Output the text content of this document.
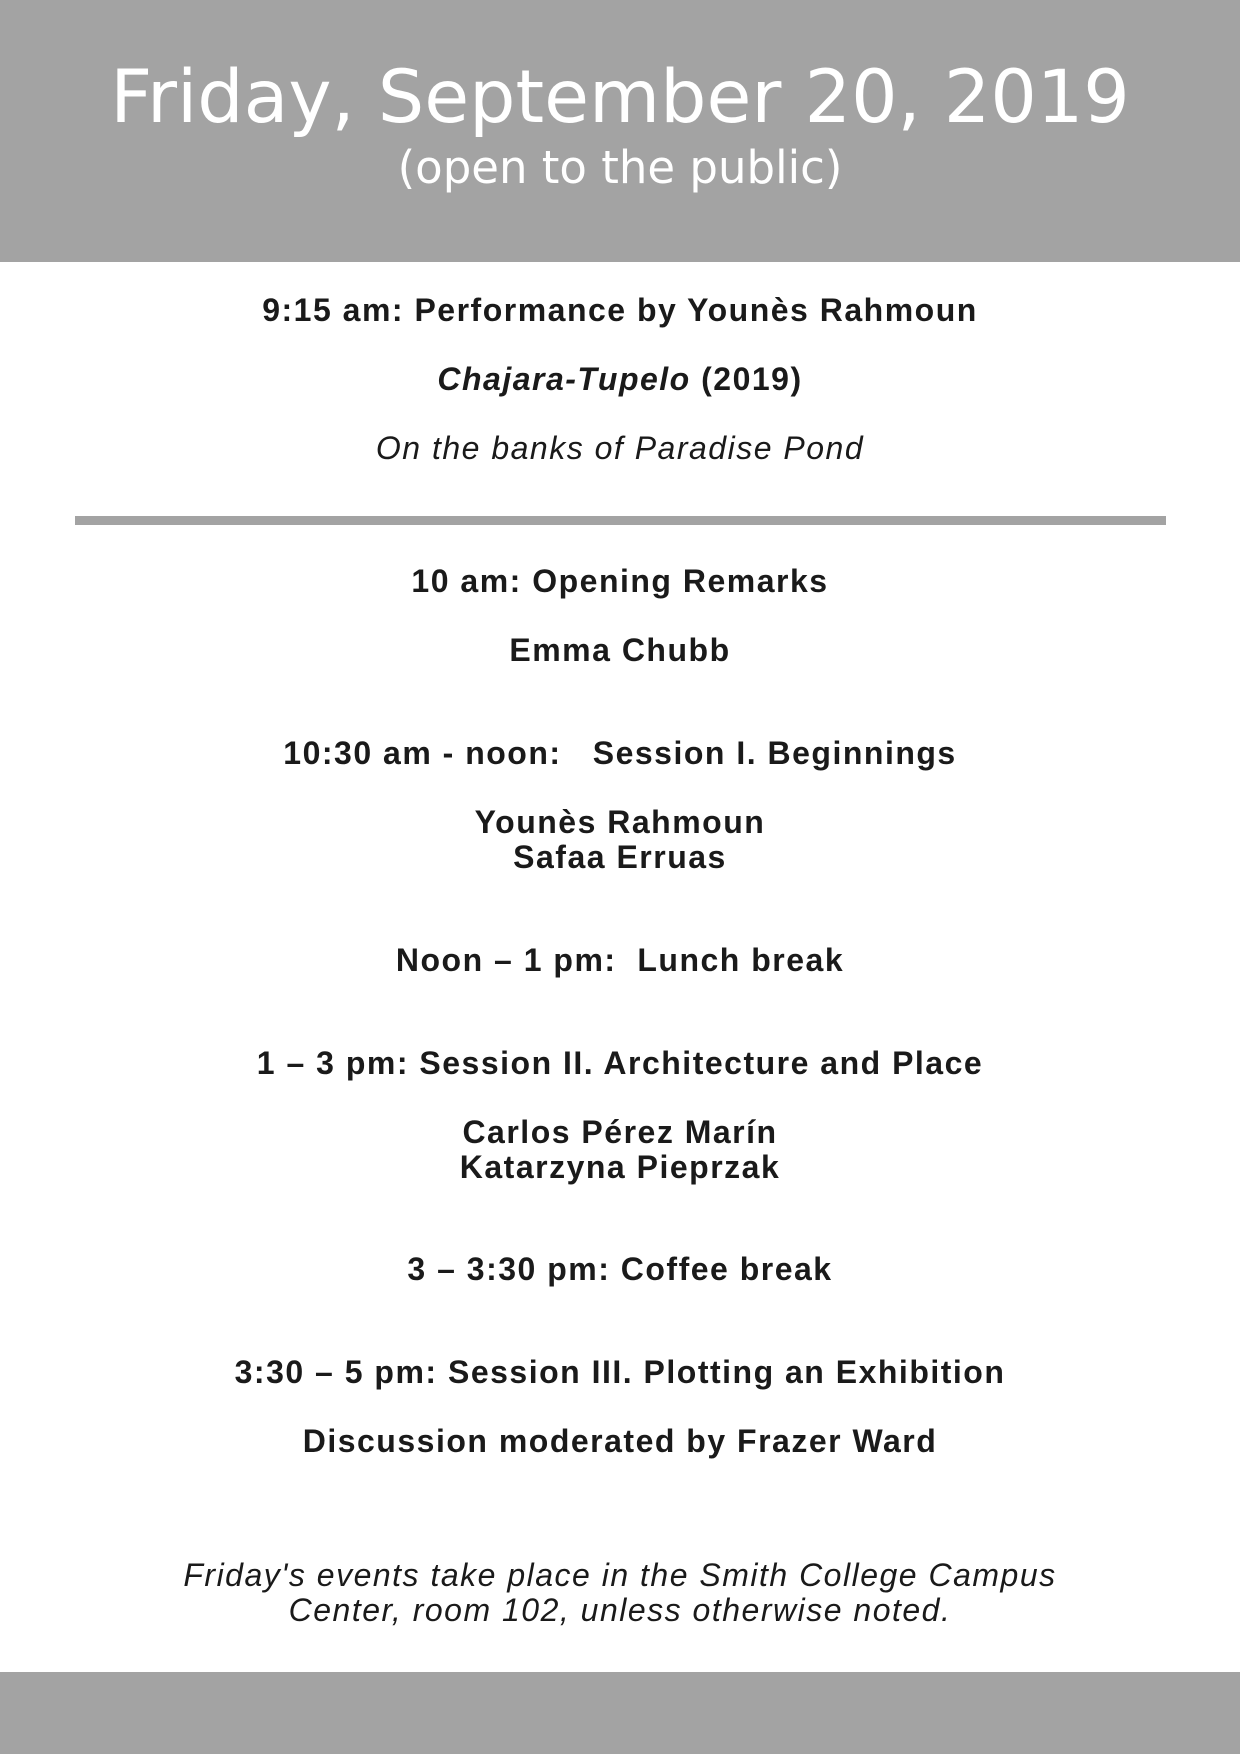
Friday, September 20, 2019
(open to the public)
9:15 am: Performance by Younès Rahmoun
Chajara-Tupelo (2019)
On the banks of Paradise Pond
10 am: Opening Remarks
Emma Chubb
10:30 am - noon:   Session I. Beginnings
Younès Rahmoun
Safaa Erruas
Noon – 1 pm:  Lunch break
1 – 3 pm: Session II. Architecture and Place
Carlos Pérez Marín
Katarzyna Pieprzak
3 – 3:30 pm: Coffee break
3:30 – 5 pm: Session III. Plotting an Exhibition
Discussion moderated by Frazer Ward
Friday's events take place in the Smith College Campus
Center, room 102, unless otherwise noted.
